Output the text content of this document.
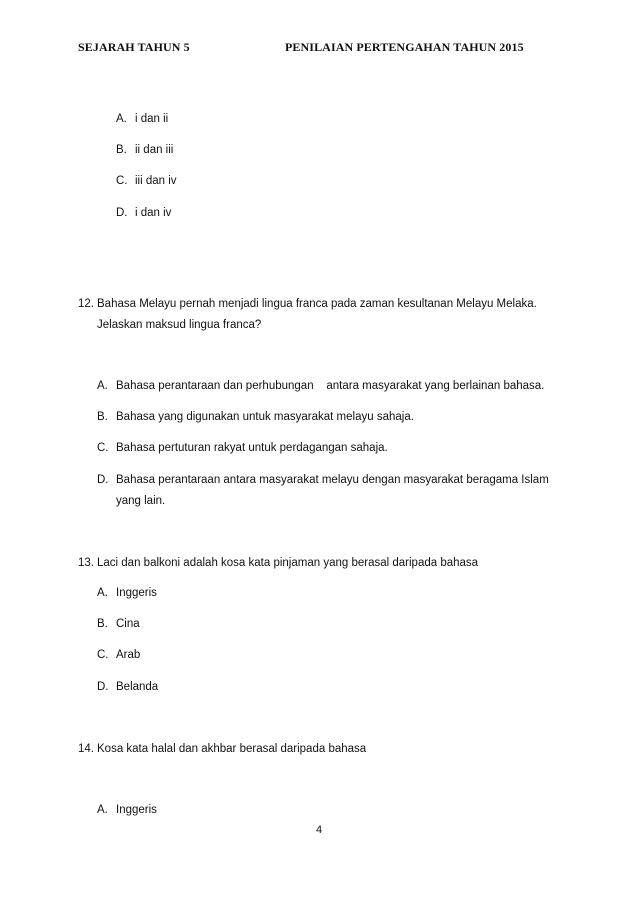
SEJARAH TAHUN 5	PENILAIAN PERTENGAHAN TAHUN 2015
A. i dan ii
B. ii dan iii
C. iii dan iv
D. i dan iv
12. Bahasa Melayu pernah menjadi lingua franca pada zaman kesultanan Melayu Melaka.
Jelaskan maksud lingua franca?
A. Bahasa perantaraan dan perhubungan    antara masyarakat yang berlainan bahasa.
B. Bahasa yang digunakan untuk masyarakat melayu sahaja.
C. Bahasa pertuturan rakyat untuk perdagangan sahaja.
D. Bahasa perantaraan antara masyarakat melayu dengan masyarakat beragama Islam
yang lain.
13. Laci dan balkoni adalah kosa kata pinjaman yang berasal daripada bahasa
A. Inggeris
B. Cina
C. Arab
D. Belanda
14. Kosa kata halal dan akhbar berasal daripada bahasa
A. Inggeris
4
